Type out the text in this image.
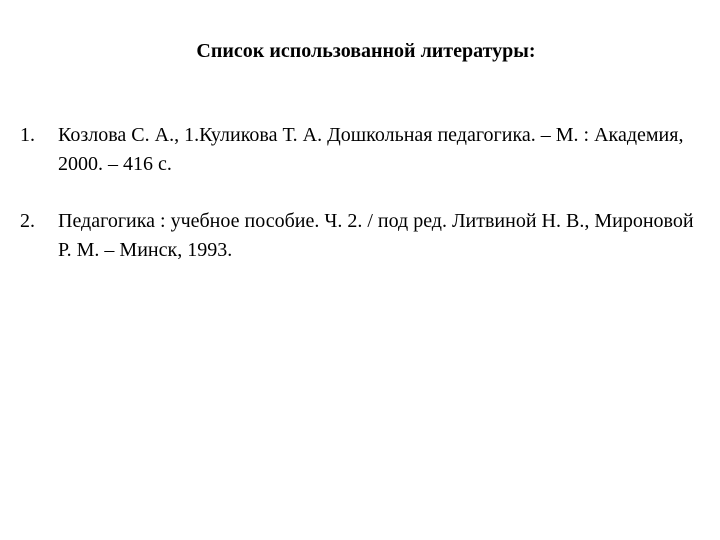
Список использованной литературы:
1. Козлова С. А., 1.Куликова Т. А. Дошкольная педагогика. – М. : Академия, 2000. – 416 с.
2. Педагогика : учебное пособие. Ч. 2. / под ред. Литвиной Н. В., Мироновой Р. М. – Минск, 1993.
